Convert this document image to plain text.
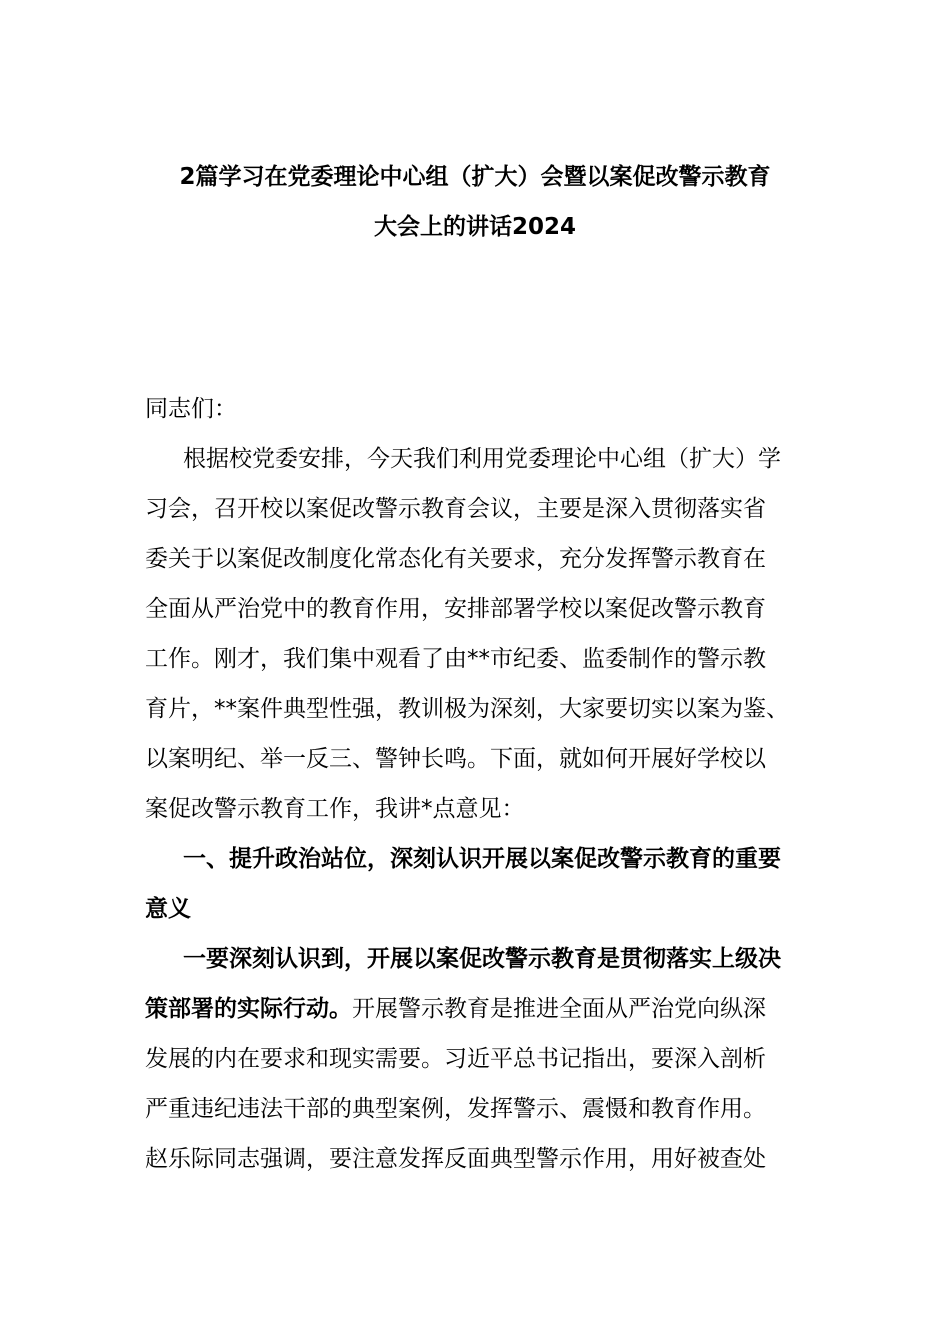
2篇学习在党委理论中心组（扩大）会暨以案促改警示教育
大会上的讲话2024
同志们：
根据校党委安排，今天我们利用党委理论中心组（扩大）学
习会，召开校以案促改警示教育会议，主要是深入贯彻落实省
委关于以案促改制度化常态化有关要求，充分发挥警示教育在
全面从严治党中的教育作用，安排部署学校以案促改警示教育
工作。刚才，我们集中观看了由**市纪委、监委制作的警示教
育片，**案件典型性强，教训极为深刻，大家要切实以案为鉴、
以案明纪、举一反三、警钟长鸣。下面，就如何开展好学校以
案促改警示教育工作，我讲*点意见：
一、提升政治站位，深刻认识开展以案促改警示教育的重要
意义
一要深刻认识到，开展以案促改警示教育是贯彻落实上级决
策部署的实际行动。开展警示教育是推进全面从严治党向纵深
发展的内在要求和现实需要。习近平总书记指出，要深入剖析
严重违纪违法干部的典型案例，发挥警示、震慑和教育作用。
赵乐际同志强调，要注意发挥反面典型警示作用，用好被查处
